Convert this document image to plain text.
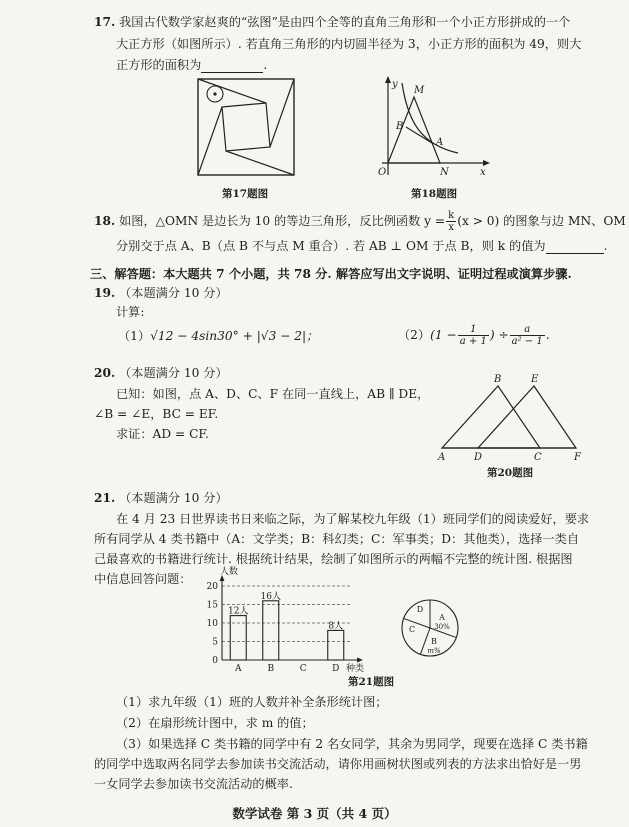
17. 我国古代数学家赵爽的“弦图”是由四个全等的直角三角形和一个小正方形拼成的一个
大正方形（如图所示）. 若直角三角形的内切圆半径为 3，小正方形的面积为 49，则大
正方形的面积为	.
第17题图
y
x
O
M
B
A
N
第18题图
18. 如图，△OMN 是边长为 10 的等边三角形，反比例函数 $y = \frac{k}{x} (x > 0)$ 的图象与边 MN、OM
分别交于点 A、B（点 B 不与点 M 重合）. 若 AB ⊥ OM 于点 B，则 k 的值为	.
三、解答题：本大题共 7 个小题，共 78 分. 解答应写出文字说明、证明过程或演算步骤.
19. （本题满分 10 分）
计算:
（1）√12 − 4sin30° + |√3 − 2|；	$(2)(1 - \frac{1}{a + 1}$ ) ÷ $\frac{a}{\text{a² − 1}}$ .
20. （本题满分 10 分）
已知：如图，点 A、D、C、F 在同一直线上，AB ∥ DE，
∠B = ∠E，BC = EF.
求证：AD = CF.
A
B
C
D
E
F
第20题图
21. （本题满分 10 分）
在 4 月 23 日世界读书日来临之际，为了解某校九年级（1）班同学们的阅读爱好，要求
所有同学从 4 类书籍中（A：文学类；B：科幻类；C：军事类；D：其他类），选择一类自
己最喜欢的书籍进行统计. 根据统计结果，绘制了如图所示的两幅不完整的统计图. 根据图
中信息回答问题：
0
5
10
15
20
人数
种类
A
12人
B
16人
C	D
8人
A
30%
B
m%
C
D
第21题图
（1）求九年级（1）班的人数并补全条形统计图；
（2）在扇形统计图中，求 m 的值；
（3）如果选择 C 类书籍的同学中有 2 名女同学，其余为男同学，现要在选择 C 类书籍
的同学中选取两名同学去参加读书交流活动，请你用画树状图或列表的方法求出恰好是一男
一女同学去参加读书交流活动的概率.
数学试卷 第 3 页（共 4 页）
